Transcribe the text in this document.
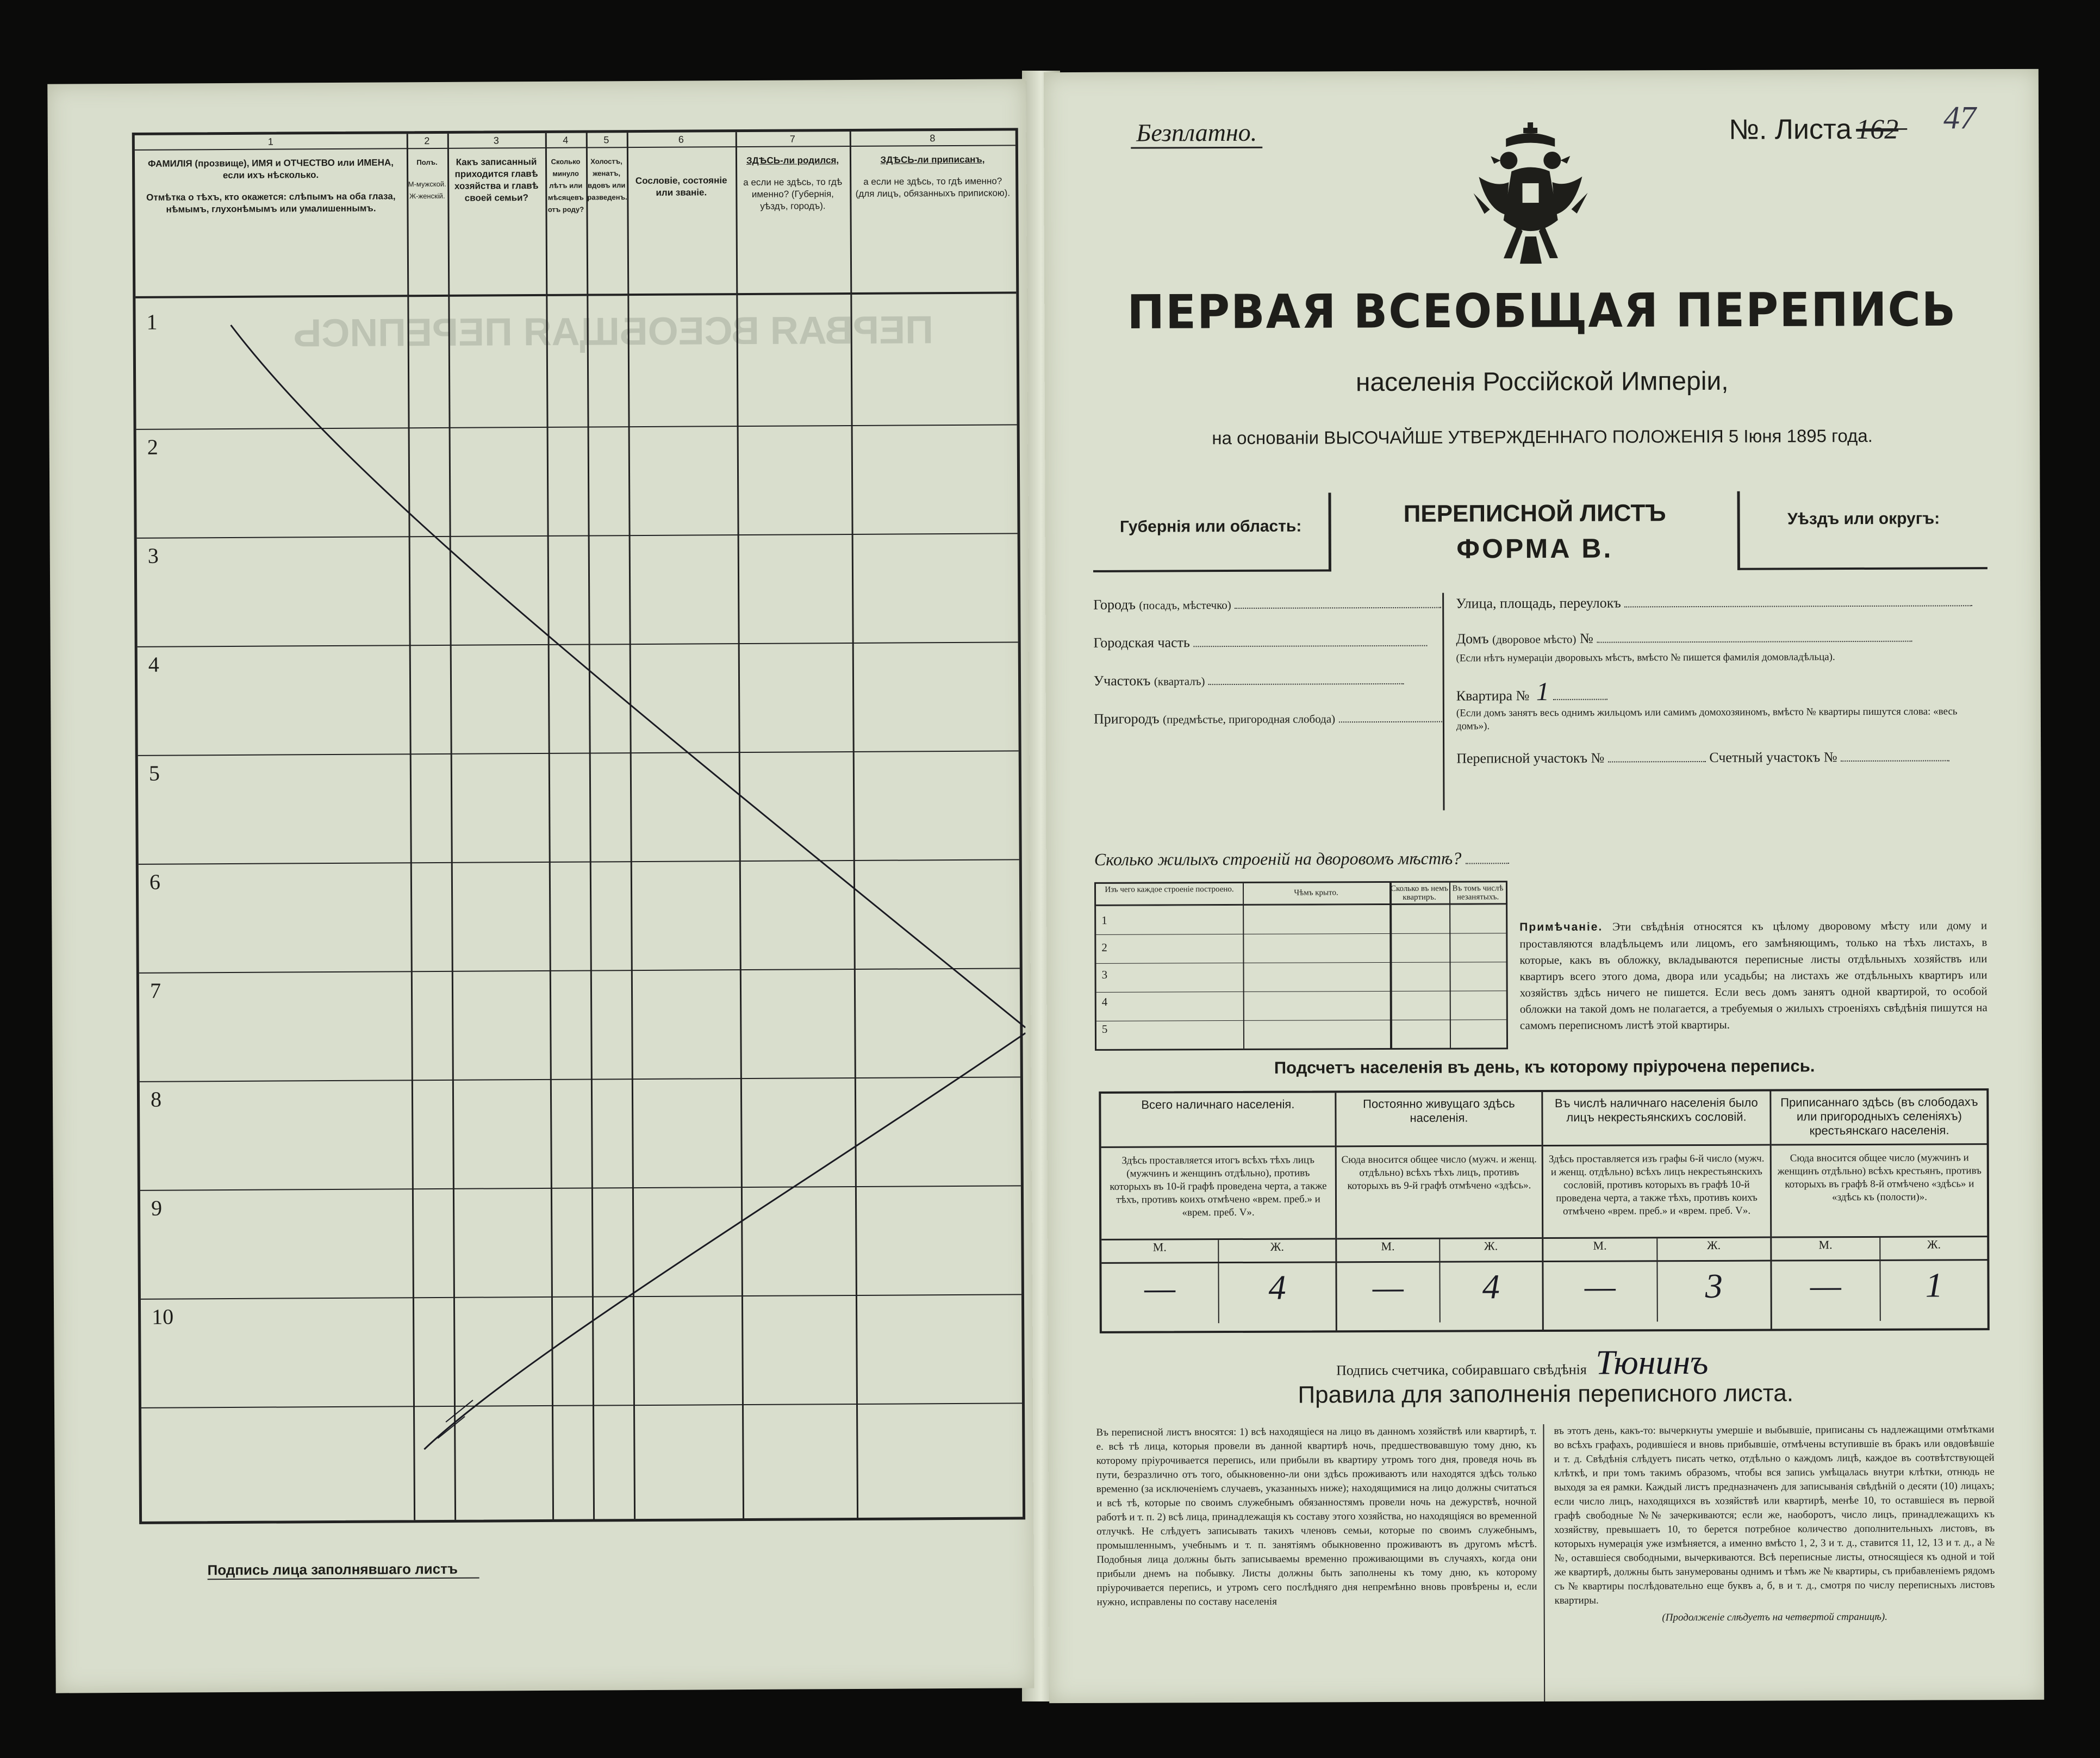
ПЕРВАЯ ВСЕОБЩАЯ ПЕРЕПИСЬ
1
ФАМИЛІЯ (прозвище), ИМЯ и ОТЧЕСТВО или ИМЕНА, если ихъ нѣсколько.
Отмѣтка о тѣхъ, кто окажется: слѣпымъ на оба глаза, нѣмымъ, глухонѣмымъ или умалишеннымъ.
2
Полъ.
М-мужской. Ж-женскій.
3
Какъ записанный приходится главѣ хозяйства и главѣ своей семьи?
4
Сколько минуло лѣтъ или мѣсяцевъ отъ роду?
5
Холостъ, женатъ, вдовъ или разведенъ.
6
Сословіе, состояніе или званіе.
7
ЗДѢСЬ-ли родился,
а если не здѣсь, то гдѣ именно? (Губернія, уѣздъ, городъ).
8
ЗДѢСЬ-ли приписанъ,
а если не здѣсь, то гдѣ именно? (для лицъ, обязанныхъ припискою).
1
2
3
4
5
6
7
8
9
10
Подпись лица заполнявшаго листъ
Безплатно.	№. Листа 1̶6̶2̶ 47
ПЕРВАЯ ВСЕОБЩАЯ ПЕРЕПИСЬ
населенія Россійской Имперіи,
на основаніи ВЫСОЧАЙШЕ УТВЕРЖДЕННАГО ПОЛОЖЕНІЯ 5 Іюня 1895 года.
Губернія или область:	ПЕРЕПИСНОЙ ЛИСТЪ
ФОРМА В.
Уѣздъ или округъ:
Городъ (посадъ, мѣстечко)
Городская часть
Участокъ (кварталъ)
Пригородъ (предмѣстье, пригородная слобода)
Улица, площадь, переулокъ
Домъ (дворовое мѣсто) №
(Если нѣтъ нумераціи дворовыхъ мѣстъ, вмѣсто № пишется фамилія домовладѣльца).
Квартира № 1
(Если домъ занятъ весь однимъ жильцомъ или самимъ домохозяиномъ, вмѣсто № квартиры пишутся слова: «весь домъ»).
Переписной участокъ №	Счетный участокъ №
Сколько жилыхъ строеній на дворовомъ мѣстѣ?
Изъ чего каждое строеніе построено.	Чѣмъ крыто.	Сколько въ немъ квартиръ.
Въ томъ числѣ незанятыхъ.
1
2
3
4
5
Примѣчаніе. Эти свѣдѣнія относятся къ цѣлому дворовому мѣсту или дому и проставляются владѣльцемъ или лицомъ, его замѣняющимъ, только на тѣхъ листахъ, в которые, какъ въ обложку, вкладываются переписные листы отдѣльныхъ хозяйствъ или квартиръ всего этого дома, двора или усадьбы; на листахъ же отдѣльныхъ квартиръ или хозяйствъ здѣсь ничего не пишется. Если весь домъ занятъ одной квартирой, то особой обложки на такой домъ не полагается, а требуемыя о жилыхъ строеніяхъ свѣдѣнія пишутся на самомъ переписномъ листѣ этой квартиры.
Подсчетъ населенія въ день, къ которому пріурочена перепись.
Всего наличнаго населенія.
Здѣсь проставляется итогъ всѣхъ тѣхъ лицъ (мужчинъ и женщинъ отдѣльно), противъ которыхъ въ 10-й графѣ проведена черта, а также тѣхъ, противъ коихъ отмѣчено «врем. преб.» и «врем. преб. V».
М.	Ж.
—	4
Постоянно живущаго здѣсь населенія.
Сюда вносится общее число (мужч. и женщ. отдѣльно) всѣхъ тѣхъ лицъ, противъ которыхъ въ 9-й графѣ отмѣчено «здѣсь».
М.	Ж.
—	4
Въ числѣ наличнаго населенія было лицъ некрестьянскихъ сословій.
Здѣсь проставляется изъ графы 6-й число (мужч. и женщ. отдѣльно) всѣхъ лицъ некрестьянскихъ сословій, противъ которыхъ въ графѣ 10-й проведена черта, а также тѣхъ, противъ коихъ отмѣчено «врем. преб.» и «врем. преб. V».
М.	Ж.
—	3
Приписаннаго здѣсь (въ слободахъ или пригородныхъ селеніяхъ) крестьянскаго населенія.
Сюда вносится общее число (мужчинъ и женщинъ отдѣльно) всѣхъ крестьянъ, противъ которыхъ въ графѣ 8-й отмѣчено «здѣсь» и «здѣсь къ (полости)».
М.	Ж.
—	1
Подпись счетчика, собиравшаго свѣдѣнія Тюнинъ
Правила для заполненія переписного листа.
Въ переписной листъ вносятся: 1) всѣ находящіеся на лицо въ данномъ хозяйствѣ или квартирѣ, т. е. всѣ тѣ лица, которыя провели въ данной квартирѣ ночь, предшествовавшую тому дню, къ которому пріурочивается перепись, или прибыли въ квартиру утромъ того дня, проведя ночь въ пути, безразлично отъ того, обыкновенно-ли они здѣсь проживаютъ или находятся здѣсь только временно (за исключеніемъ случаевъ, указанныхъ ниже); находящимися на лицо должны считаться и всѣ тѣ, которые по своимъ служебнымъ обязанностямъ провели ночь на дежурствѣ, ночной работѣ и т. п. 2) всѣ лица, принадлежащія къ составу этого хозяйства, но находящіяся во временной отлучкѣ. Не слѣдуетъ записывать такихъ членовъ семьи, которые по своимъ служебнымъ, промышленнымъ, учебнымъ и т. п. занятіямъ обыкновенно проживаютъ въ другомъ мѣстѣ. Подобныя лица должны быть записываемы временно проживающими въ случаяхъ, когда они прибыли днемъ на побывку. Листы должны быть заполнены къ тому дню, къ которому пріурочивается перепись, и утромъ сего послѣдняго дня непремѣнно вновь провѣрены и, если нужно, исправлены по составу населенія
въ этотъ день, какъ-то: вычеркнуты умершіе и выбывшіе, приписаны съ надлежащими отмѣтками во всѣхъ графахъ, родившіеся и вновь прибывшіе, отмѣчены вступившіе въ бракъ или овдовѣвшіе и т. д. Свѣдѣнія слѣдуетъ писать четко, отдѣльно о каждомъ лицѣ, каждое въ соотвѣтствующей клѣткѣ, и при томъ такимъ образомъ, чтобы вся запись умѣщалась внутри клѣтки, отнюдь не выходя за ея рамки. Каждый листъ предназначенъ для записыванія свѣдѣній о десяти (10) лицахъ; если число лицъ, находящихся въ хозяйствѣ или квартирѣ, менѣе 10, то оставшіеся въ первой графѣ свободные №№ зачеркиваются; если же, наоборотъ, число лицъ, принадлежащихъ къ хозяйству, превышаетъ 10, то берется потребное количество дополнительныхъ листовъ, въ которыхъ нумерація уже измѣняется, а именно вмѣсто 1, 2, 3 и т. д., ставится 11, 12, 13 и т. д., а №№, оставшіеся свободными, вычеркиваются. Всѣ переписные листы, относящіеся къ одной и той же квартирѣ, должны быть занумерованы однимъ и тѣмъ же № квартиры, съ прибавленіемъ рядомъ съ № квартиры послѣдовательно еще буквъ а, б, в и т. д., смотря по числу переписныхъ листовъ квартиры.
(Продолженіе слѣдуетъ на четвертой страницѣ).
